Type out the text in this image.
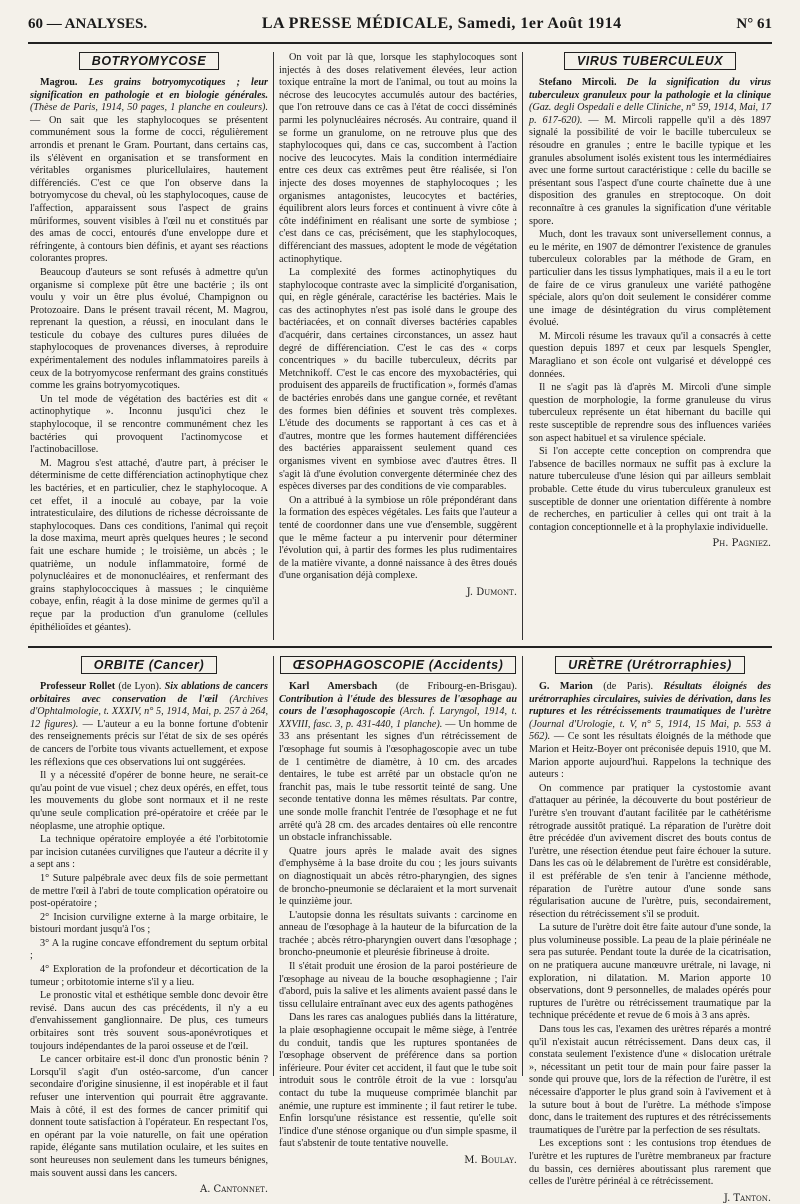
60 — ANALYSES.	LA PRESSE MÉDICALE, Samedi, 1er Août 1914	N° 61
BOTRYOMYCOSE

Magrou. Les grains botryomycotiques ; leur signification en pathologie et en biologie générales. (Thèse de Paris, 1914, 50 pages, 1 planche en couleurs). — On sait que les staphylocoques se présentent communément sous la forme de cocci, régulièrement arrondis et prenant le Gram. Pourtant, dans certains cas, ils s'élèvent en organisation et se transforment en véritables organismes pluricellulaires, hautement différenciés. C'est ce que l'on observe dans la botryomycose du cheval, où les staphylocoques, cause de l'affection, apparaissent sous l'aspect de grains mûriformes, souvent visibles à l'œil nu et constitués par des amas de cocci, entourés d'une enveloppe dure et réfringente, à contours bien définis, et ayant ses réactions colorantes propres.

Beaucoup d'auteurs se sont refusés à admettre qu'un organisme si complexe pût être une bactérie ; ils ont voulu y voir un être plus évolué, Champignon ou Protozoaire. Dans le présent travail récent, M. Magrou, reprenant la question, a réussi, en inoculant dans le testicule du cobaye des cultures pures diluées de staphylocoques de provenances diverses, à reproduire expérimentalement des nodules inflammatoires pareils à ceux de la botryomycose renfermant des grains constitués comme les grains botryomycotiques.

Un tel mode de végétation des bactéries est dit « actinophytique ». Inconnu jusqu'ici chez le staphylocoque, il se rencontre communément chez les bactéries qui provoquent l'actinomycose et l'actinobacillose.

M. Magrou s'est attaché, d'autre part, à préciser le déterminisme de cette différenciation actinophytique chez les bactéries, et en particulier, chez le staphylocoque. A cet effet, il a inoculé au cobaye, par la voie intratesticulaire, des dilutions de richesse décroissante de staphylocoques. Dans ces conditions, l'animal qui reçoit la dose maxima, meurt après quelques heures ; le second fait une eschare humide ; le troisième, un abcès ; le quatrième, un nodule inflammatoire, formé de polynucléaires et de mononucléaires, et renfermant des grains staphylococciques à massues ; le cinquième cobaye, enfin, réagit à la dose minime de germes qu'il a reçue par la production d'un granulome (cellules épithélioïdes et géantes).

On voit par là que, lorsque les staphylocoques sont injectés à des doses relativement élevées, leur action toxique entraîne la mort de l'animal, ou tout au moins la nécrose des leucocytes accumulés autour des bactéries, que l'on retrouve dans ce cas à l'état de cocci disséminés parmi les polynucléaires nécrosés. Au contraire, quand il se forme un granulome, on ne retrouve plus que des staphylocoques qui, dans ce cas, succombent à l'action nocive des leucocytes. Mais la condition intermédiaire entre ces deux cas extrêmes peut être réalisée, si l'on injecte des doses moyennes de staphylocoques ; les organismes antagonistes, leucocytes et bactéries, équilibrent alors leurs forces et continuent à vivre côte à côte indéfiniment en réalisant une sorte de symbiose ; c'est dans ce cas, précisément, que les staphylocoques, différenciant des massues, adoptent le mode de végétation actinophytique.

La complexité des formes actinophytiques du staphylocoque contraste avec la simplicité d'organisation, qui, en règle générale, caractérise les bactéries. Mais le cas des actinophytes n'est pas isolé dans le groupe des bactériacées, et on connaît diverses bactéries capables d'acquérir, dans certaines circonstances, un assez haut degré de différenciation. C'est le cas des « corps concentriques » du bacille tuberculeux, décrits par Metchnikoff. C'est le cas encore des myxobactéries, qui produisent des appareils de fructification », formés d'amas de bactéries enrobés dans une gangue cornée, et revêtant des formes bien définies et souvent très complexes. L'étude des documents se rapportant à ces cas et à d'autres, montre que les formes hautement différenciées des bactéries apparaissent seulement quand ces organismes vivent en symbiose avec d'autres êtres. Il s'agit là d'une évolution convergente déterminée chez des espèces diverses par des conditions de vie comparables.

On a attribué à la symbiose un rôle prépondérant dans la formation des espèces végétales. Les faits que l'auteur a tenté de coordonner dans une vue d'ensemble, suggèrent que le même facteur a pu intervenir pour déterminer l'évolution qui, à partir des formes les plus rudimentaires de la matière vivante, a donné naissance à des êtres doués d'une organisation déjà complexe.

J. Dumont.
VIRUS TUBERCULEUX

Stefano Mircoli. De la signification du virus tuberculeux granuleux pour la pathologie et la clinique (Gaz. degli Ospedali e delle Cliniche, n° 59, 1914, Mai, 17 p. 617-620). — M. Mircoli rappelle qu'il a dès 1897 signalé la possibilité de voir le bacille tuberculeux se résoudre en granules ; entre le bacille typique et les granules absolument isolés existent tous les intermédiaires avec une forme surtout caractéristique : celle du bacille se présentant sous l'aspect d'une courte chaînette due à une disposition des granules en streptocoque. On doit reconnaître à ces granules la signification d'une véritable spore.

Much, dont les travaux sont universellement connus, a eu le mérite, en 1907 de démontrer l'existence de granules tuberculeux colorables par la méthode de Gram, en particulier dans les tissus lymphatiques, mais il a eu le tort de faire de ce virus granuleux une variété pathogène spéciale, alors qu'on doit seulement le considérer comme une image de désintégration du virus complètement évolué.

M. Mircoli résume les travaux qu'il a consacrés à cette question depuis 1897 et ceux par lesquels Spengler, Maragliano et son école ont vulgarisé et développé ces données.

Il ne s'agit pas là d'après M. Mircoli d'une simple question de morphologie, la forme granuleuse du virus tuberculeux représente un état hibernant du bacille qui reste susceptible de reprendre sous des influences variées son aspect habituel et sa virulence spéciale.

Si l'on accepte cette conception on comprendra que l'absence de bacilles normaux ne suffit pas à exclure la nature tuberculeuse d'une lésion qui par ailleurs semblait probable. Cette étude du virus tuberculeux granuleux est susceptible de donner une orientation différente à nombre de recherches, en particulier à celles qui ont trait à la contagion conceptionnelle et à la prophylaxie individuelle.

Ph. Pagniez.
ORBITE (Cancer)

Professeur Rollet (de Lyon). Six ablations de cancers orbitaires avec conservation de l'œil (Archives d'Ophtalmologie, t. XXXIV, n° 5, 1914, Mai, p. 257 à 264, 12 figures). — L'auteur a eu la bonne fortune d'obtenir des renseignements précis sur l'état de six de ses opérés de cancers de l'orbite tous vivants actuellement, et expose les réflexions que ces observations lui ont suggérées.

Il y a nécessité d'opérer de bonne heure, ne serait-ce qu'au point de vue visuel ; chez deux opérés, en effet, tous les mouvements du globe sont normaux et il ne reste qu'une seule complication pré-opératoire et créée par le néoplasme, une atrophie optique.

La technique opératoire employée a été l'orbitotomie par incision cutanées curvilignes que l'auteur a décrite il y a sept ans :

1° Suture palpébrale avec deux fils de soie permettant de mettre l'œil à l'abri de toute complication opératoire ou post-opératoire ;

2° Incision curviligne externe à la marge orbitaire, le bistouri mordant jusqu'à l'os ;

3° A la rugine concave effondrement du septum orbital ;

4° Exploration de la profondeur et décortication de la tumeur ; orbitotomie interne s'il y a lieu.

Le pronostic vital et esthétique semble donc devoir être revisé. Dans aucun des cas précédents, il n'y a eu d'envahissement ganglionnaire. De plus, ces tumeurs orbitaires sont très souvent sous-aponévrotiques et toujours indépendantes de la paroi osseuse et de l'œil.

Le cancer orbitaire est-il donc d'un pronostic bénin ? Lorsqu'il s'agit d'un ostéo-sarcome, d'un cancer secondaire d'origine sinusienne, il est inopérable et il faut refuser une intervention qui pourrait être aggravante. Mais à côté, il est des formes de cancer primitif qui donnent toute satisfaction à l'opérateur. En respectant l'os, en opérant par la voie naturelle, on fait une opération rapide, élégante sans mutilation oculaire, et les suites en sont heureuses non seulement dans les tumeurs bénignes, mais souvent aussi dans les cancers.

A. Cantonnet.
ŒSOPHAGOSCOPIE (Accidents)

Karl Amersbach (de Fribourg-en-Brisgau). Contribution à l'étude des blessures de l'œsophage au cours de l'œsophagoscopie (Arch. f. Laryngol, 1914, t. XXVIII, fasc. 3, p. 431-440, 1 planche). — Un homme de 33 ans présentant les signes d'un rétrécissement de l'œsophage fut soumis à l'œsophagoscopie avec un tube de 1 centimètre de diamètre, à 10 cm. des arcades dentaires, le tube est arrêté par un obstacle qu'on ne franchit pas, mais le tube ressortit teinté de sang. Une seconde tentative donna les mêmes résultats. Par contre, une sonde molle franchit l'entrée de l'œsophage et ne fut arrêté qu'à 28 cm. des arcades dentaires où elle rencontre un obstacle infranchissable.

Quatre jours après le malade avait des signes d'emphysème à la base droite du cou ; les jours suivants on diagnostiquait un abcès rétro-pharyngien, des signes de broncho-pneumonie se déclaraient et la mort survenait le quinzième jour.

L'autopsie donna les résultats suivants : carcinome en anneau de l'œsophage à la hauteur de la bifurcation de la trachée ; abcès rétro-pharyngien ouvert dans l'œsophage ; broncho-pneumonie et pleurésie fibrineuse à droite.

Il s'était produit une érosion de la paroi postérieure de l'œsophage au niveau de la bouche œsophagienne ; l'air d'abord, puis la salive et les aliments avaient passé dans le tissu cellulaire entraînant avec eux des agents pathogènes

Dans les rares cas analogues publiés dans la littérature, la plaie œsophagienne occupait le même siège, à l'entrée du conduit, tandis que les ruptures spontanées de l'œsophage observent de préférence dans sa portion inférieure. Pour éviter cet accident, il faut que le tube soit introduit sous le contrôle étroit de la vue : lorsqu'au contact du tube la muqueuse comprimée blanchit par anémie, une rupture est imminente ; il faut retirer le tube. Enfin lorsqu'une résistance est ressentie, qu'elle soit l'indice d'une sténose organique ou d'un simple spasme, il faut s'abstenir de toute tentative nouvelle.

M. Boulay.
URÈTRE (Urétrorraphies)

G. Marion (de Paris). Résultats éloignés des urétrorraphies circulaires, suivies de dérivation, dans les ruptures et les rétrécissements traumatiques de l'urètre (Journal d'Urologie, t. V, n° 5, 1914, 15 Mai, p. 553 à 562). — Ce sont les résultats éloignés de la méthode que Marion et Heitz-Boyer ont préconisée depuis 1910, que M. Marion apporte aujourd'hui. Rappelons la technique des auteurs :

On commence par pratiquer la cystostomie avant d'attaquer au périnée, la découverte du bout postérieur de l'urètre s'en trouvant d'autant facilitée par le cathétérisme rétrograde aussitôt pratiqué. La réparation de l'urètre doit être précédée d'un avivement discret des bouts contus de l'urètre, une résection étendue peut faire échouer la suture. Dans les cas où le délabrement de l'urètre est considérable, il est préférable de s'en tenir à l'ancienne méthode, réparation de l'urètre autour d'une sonde sans régularisation aucune de l'urètre, puis, secondairement, résection du rétrécissement s'il se produit.

La suture de l'urètre doit être faite autour d'une sonde, la plus volumineuse possible. La peau de la plaie périnéale ne sera pas suturée. Pendant toute la durée de la cicatrisation, on ne pratiquera aucune manœuvre urétrale, ni lavage, ni exploration, ni dilatation. M. Marion apporte 10 observations, dont 9 personnelles, de malades opérés pour ruptures de l'urètre ou rétrécissement traumatique par la technique précédente et revue de 6 mois à 3 ans après.

Dans tous les cas, l'examen des urètres réparés a montré qu'il n'existait aucun rétrécissement. Dans deux cas, il constata seulement l'existence d'une « dislocation urétrale », nécessitant un petit tour de main pour faire passer la sonde qui prouve que, lors de la réfection de l'urètre, il est nécessaire d'apporter le plus grand soin à l'avivement et à la suture bout à bout de l'urètre. La méthode s'impose donc, dans le traitement des ruptures et des rétrécissements traumatiques de l'urètre par la perfection de ses résultats.

Les exceptions sont : les contusions trop étendues de l'urètre et les ruptures de l'urètre membraneux par fracture du bassin, ces dernières aboutissant plus rarement que celles de l'urètre périnéal à ce rétrécissement.

J. Tanton.
